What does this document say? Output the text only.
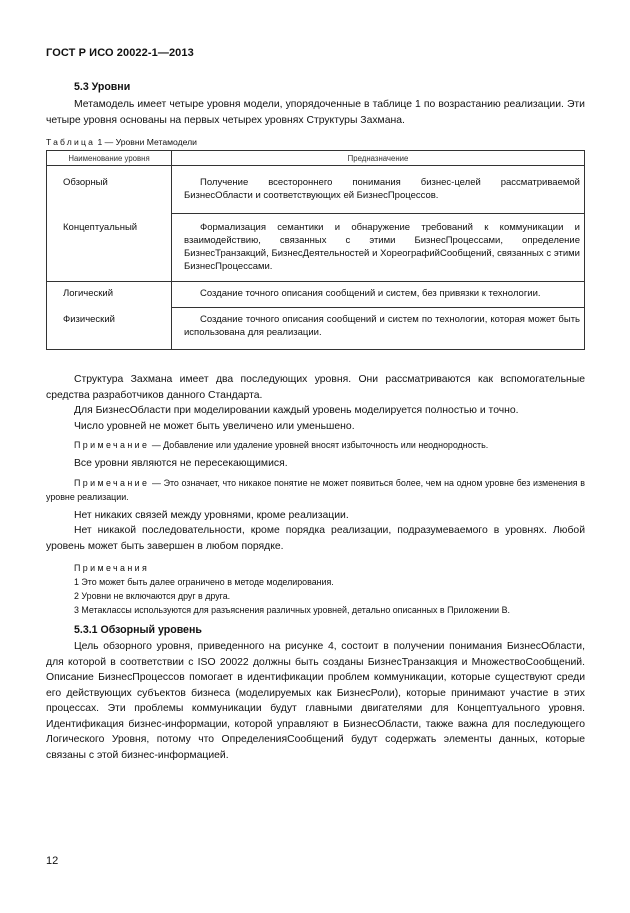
ГОСТ Р ИСО 20022-1—2013
5.3 Уровни

Метамодель имеет четыре уровня модели, упорядоченные в таблице 1 по возрастанию реализации. Эти четыре уровня основаны на первых четырех уровнях Структуры Захмана.

Таблица 1 — Уровни Метамодели
Наименование уровня	Предназначение
Обзорный	Получение всестороннего понимания бизнес-целей рассматриваемой БизнесОбласти и соответствующих ей БизнесПроцессов.

Концептуальный	Формализация семантики и обнаружение требований к коммуникации и взаимодействию, связанных с этими БизнесПроцессами, определение БизнесТранзакций, БизнесДеятельностей и ХореографийСообщений, связанных с этими БизнесПроцессами.

Логический	Создание точного описания сообщений и систем, без привязки к технологии.

Физический	Создание точного описания сообщений и систем по технологии, которая может быть использована для реализации.

Структура Захмана имеет два последующих уровня. Они рассматриваются как вспомогательные средства разработчиков данного Стандарта.

Для БизнесОбласти при моделировании каждый уровень моделируется полностью и точно.

Число уровней не может быть увеличено или уменьшено.

Примечание — Добавление или удаление уровней вносят избыточность или неоднородность.

Все уровни являются не пересекающимися.

Примечание — Это означает, что никакое понятие не может появиться более, чем на одном уровне без изменения в уровне реализации.

Нет никаких связей между уровнями, кроме реализации.

Нет никакой последовательности, кроме порядка реализации, подразумеваемого в уровнях. Любой уровень может быть завершен в любом порядке.

Примечания

1 Это может быть далее ограничено в методе моделирования.

2 Уровни не включаются друг в друга.

3 Метаклассы используются для разъяснения различных уровней, детально описанных в Приложении В.

5.3.1 Обзорный уровень

Цель обзорного уровня, приведенного на рисунке 4, состоит в получении понимания БизнесОбласти, для которой в соответствии с ISO 20022 должны быть созданы БизнесТранзакция и МножествоСообщений. Описание БизнесПроцессов помогает в идентификации проблем коммуникации, которые существуют среди его действующих субъектов бизнеса (моделируемых как БизнесРоли), которые принимают участие в этих процессах. Эти проблемы коммуникации будут главными двигателями для Концептуального уровня. Идентификация бизнес-информации, которой управляют в БизнесОбласти, также важна для последующего Логического Уровня, потому что ОпределенияСообщений будут содержать элементы данных, которые связаны с этой бизнес-информацией.

12
